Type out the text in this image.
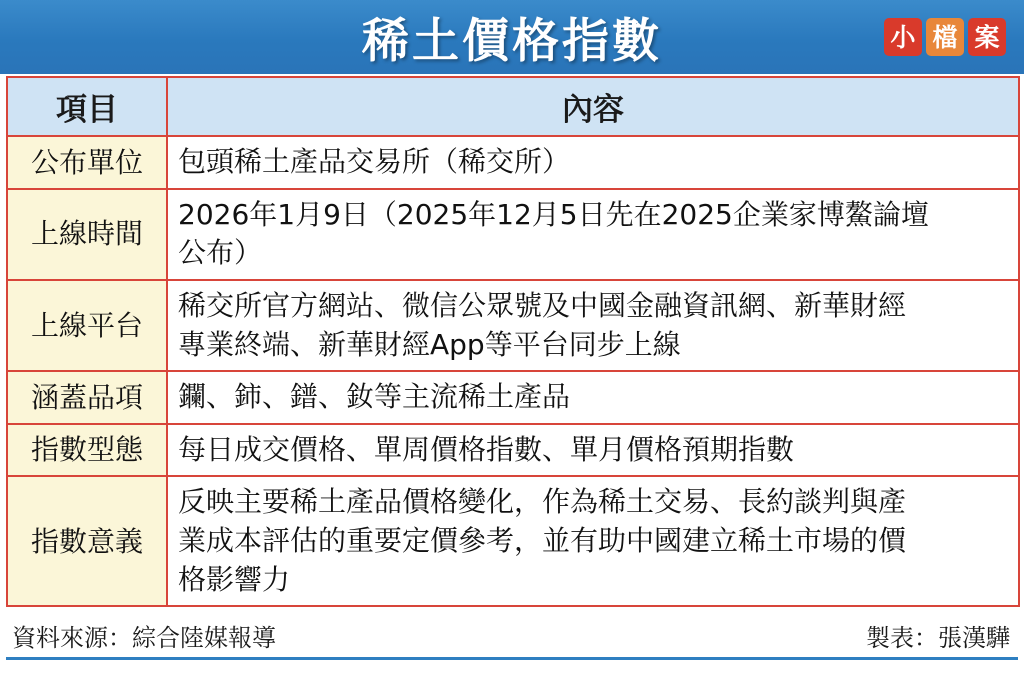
稀土價格指數	小 檔 案
項目	內容
公布單位	包頭稀土產品交易所（稀交所）

上線時間	2026年1月9日（2025年12月5日先在2025企業家博鰲論壇
公布）

上線平台	稀交所官方網站、微信公眾號及中國金融資訊網、新華財經
專業終端、新華財經App等平台同步上線

涵蓋品項	鑭、鈰、鐠、釹等主流稀土產品

指數型態	每日成交價格、單周價格指數、單月價格預期指數

指數意義	反映主要稀土產品價格變化，作為稀土交易、長約談判與產
業成本評估的重要定價參考，並有助中國建立稀土市場的價
格影響力
資料來源：綜合陸媒報導	製表：張漢驊
